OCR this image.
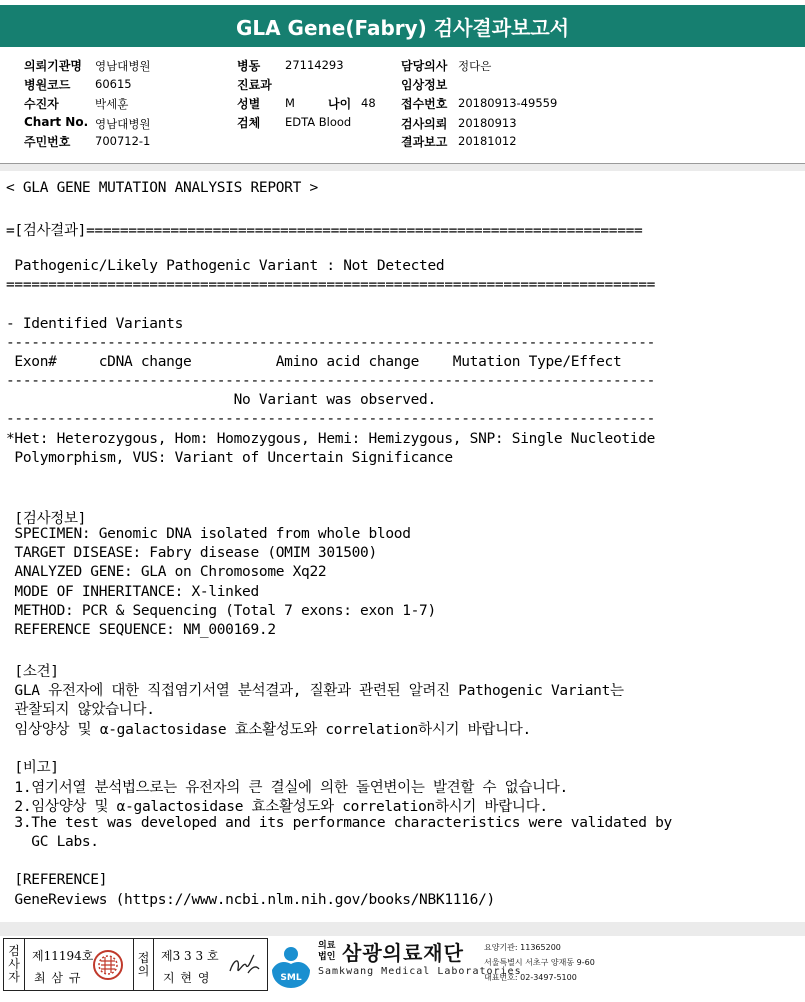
GLA Gene(Fabry) 검사결과보고서
의뢰기관명 영남대병원
병원코드 60615
수진자	박세훈
Chart No. 영남대병원
주민번호 700712-1
병동 27114293
진료과
성별 M	나이 48
검체 EDTA Blood
담당의사 정다은
임상정보
접수번호 20180913-49559
검사의뢰 20180913
결과보고 20181012
< GLA GENE MUTATION ANALYSIS REPORT >
=[검사결과]==================================================================
Pathogenic/Likely Pathogenic Variant : Not Detected
=============================================================================
- Identified Variants
-----------------------------------------------------------------------------
Exon#     cDNA change          Amino acid change    Mutation Type/Effect
-----------------------------------------------------------------------------
No Variant was observed.
-----------------------------------------------------------------------------
*Het: Heterozygous, Hom: Homozygous, Hemi: Hemizygous, SNP: Single Nucleotide
Polymorphism, VUS: Variant of Uncertain Significance
[검사정보]
SPECIMEN: Genomic DNA isolated from whole blood
TARGET DISEASE: Fabry disease (OMIM 301500)
ANALYZED GENE: GLA on Chromosome Xq22
MODE OF INHERITANCE: X-linked
METHOD: PCR & Sequencing (Total 7 exons: exon 1-7)
REFERENCE SEQUENCE: NM_000169.2
[소견]
GLA 유전자에 대한 직접염기서열 분석결과, 질환과 관련된 알려진 Pathogenic Variant는
관찰되지 않았습니다.
임상양상 및 α-galactosidase 효소활성도와 correlation하시기 바랍니다.
[비고]
1.염기서열 분석법으로는 유전자의 큰 결실에 의한 돌연변이는 발견할 수 없습니다.
2.임상양상 및 α-galactosidase 효소활성도와 correlation하시기 바랍니다.
3.The test was developed and its performance characteristics were validated by
GC Labs.
[REFERENCE]
GeneReviews (https://www.ncbi.nlm.nih.gov/books/NBK1116/)
검
사
자
제11194호
최 삼 규
접
의
제3 3 3 호
지 현 영	SML
의료
법인 삼광의료재단
Samkwang Medical Laboratories
요양기관: 11365200
서울특별시 서초구 양재동 9-60
대표번호: 02-3497-5100
